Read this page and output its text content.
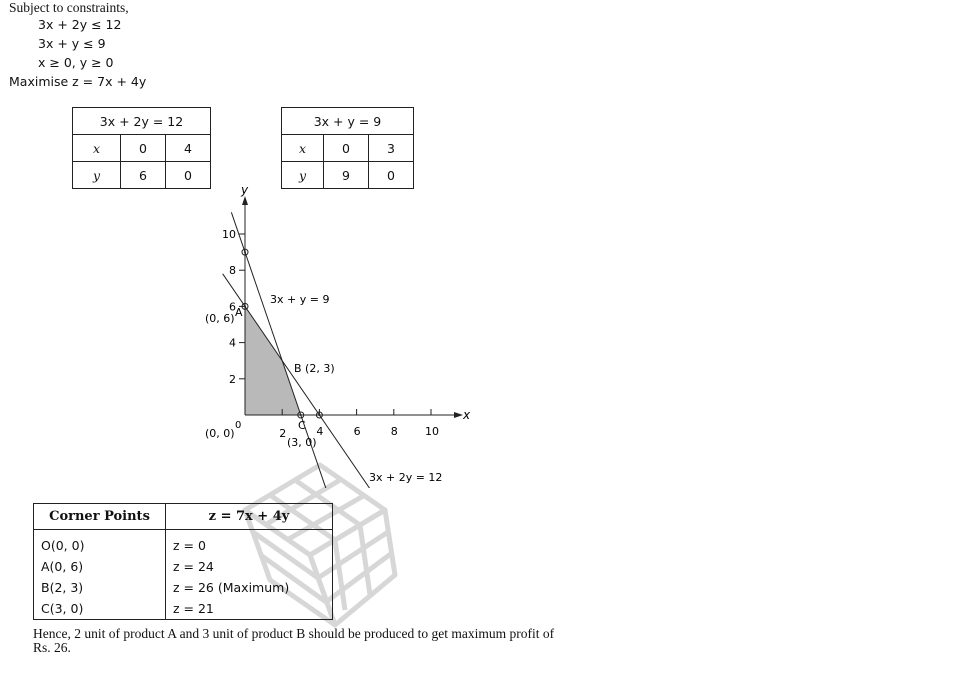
Subject to constraints,
3x + 2y ≤ 12
3x + y ≤ 9
x ≥ 0, y ≥ 0
Maximise z = 7x + 4y
3x + 2y = 12		
x	0	4
y	6	0
3x + y = 9		
x	0	3
y	9	0
x
y
2	4	6	8 10
2
4
6
8
10
3x + y = 9
3x + 2y = 12
A
(0, 6)
B (2, 3)
C
(3, 0)
0
(0, 0)
Corner Points	z = 7x + 4y
O(0, 0)	z = 0
A(0, 6)	z = 24
B(2, 3)	z = 26 (Maximum)
C(3, 0)	z = 21
Hence, 2 unit of product A and 3 unit of product B should be produced to get maximum profit of
Rs. 26.
